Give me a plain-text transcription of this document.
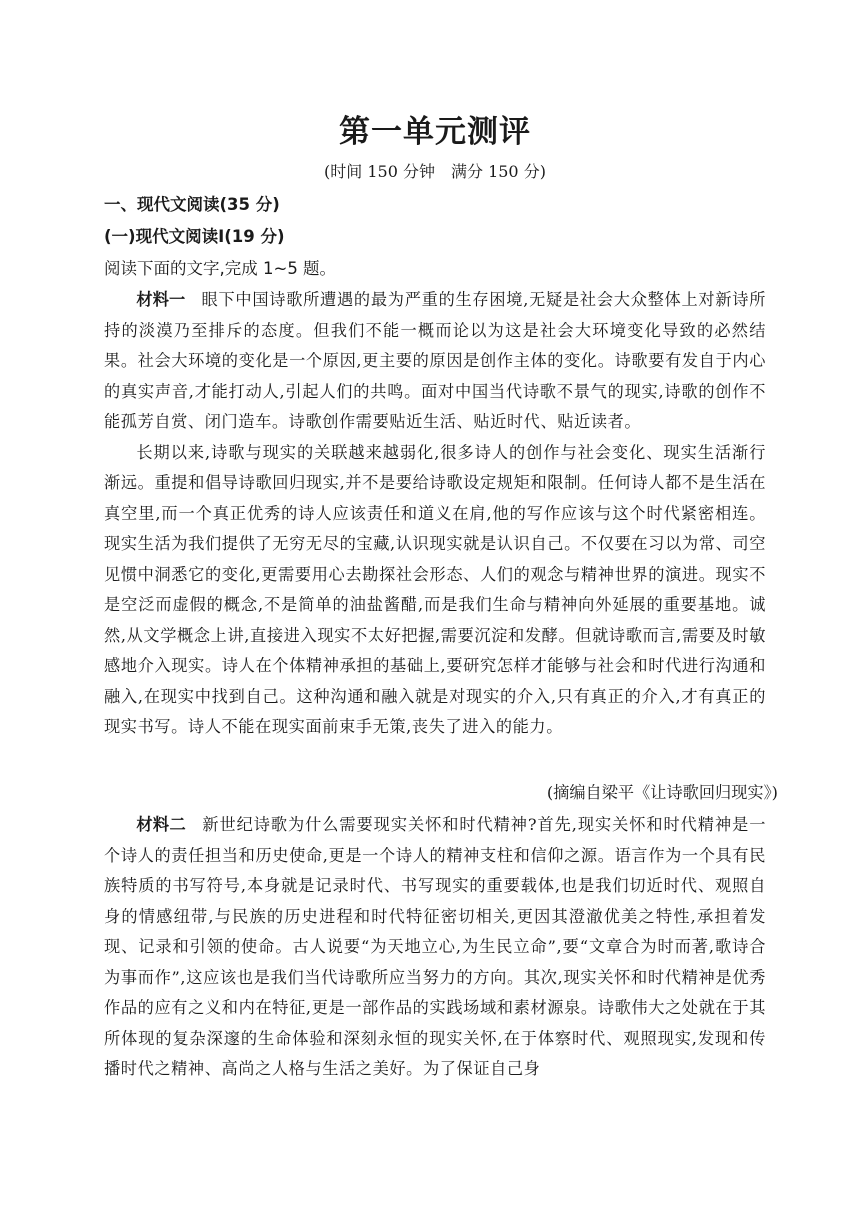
第一单元测评
(时间 150 分钟　满分 150 分)
一、现代文阅读(35 分)
(一)现代文阅读Ⅰ(19 分)
阅读下面的文字,完成 1~5 题。

材料一 眼下中国诗歌所遭遇的最为严重的生存困境,无疑是社会大众整体上对新诗所持的淡漠乃至排斥的态度。但我们不能一概而论以为这是社会大环境变化导致的必然结果。社会大环境的变化是一个原因,更主要的原因是创作主体的变化。诗歌要有发自于内心的真实声音,才能打动人,引起人们的共鸣。面对中国当代诗歌不景气的现实,诗歌的创作不能孤芳自赏、闭门造车。诗歌创作需要贴近生活、贴近时代、贴近读者。

长期以来,诗歌与现实的关联越来越弱化,很多诗人的创作与社会变化、现实生活渐行渐远。重提和倡导诗歌回归现实,并不是要给诗歌设定规矩和限制。任何诗人都不是生活在真空里,而一个真正优秀的诗人应该责任和道义在肩,他的写作应该与这个时代紧密相连。现实生活为我们提供了无穷无尽的宝藏,认识现实就是认识自己。不仅要在习以为常、司空见惯中洞悉它的变化,更需要用心去勘探社会形态、人们的观念与精神世界的演进。现实不是空泛而虚假的概念,不是简单的油盐酱醋,而是我们生命与精神向外延展的重要基地。诚然,从文学概念上讲,直接进入现实不太好把握,需要沉淀和发酵。但就诗歌而言,需要及时敏感地介入现实。诗人在个体精神承担的基础上,要研究怎样才能够与社会和时代进行沟通和融入,在现实中找到自己。这种沟通和融入就是对现实的介入,只有真正的介入,才有真正的现实书写。诗人不能在现实面前束手无策,丧失了进入的能力。

(摘编自梁平《让诗歌回归现实》)

材料二 新世纪诗歌为什么需要现实关怀和时代精神?首先,现实关怀和时代精神是一个诗人的责任担当和历史使命,更是一个诗人的精神支柱和信仰之源。语言作为一个具有民族特质的书写符号,本身就是记录时代、书写现实的重要载体,也是我们切近时代、观照自身的情感纽带,与民族的历史进程和时代特征密切相关,更因其澄澈优美之特性,承担着发现、记录和引领的使命。古人说要“为天地立心,为生民立命”,要“文章合为时而著,歌诗合为事而作”,这应该也是我们当代诗歌所应当努力的方向。其次,现实关怀和时代精神是优秀作品的应有之义和内在特征,更是一部作品的实践场域和素材源泉。诗歌伟大之处就在于其所体现的复杂深邃的生命体验和深刻永恒的现实关怀,在于体察时代、观照现实,发现和传播时代之精神、高尚之人格与生活之美好。为了保证自己身
